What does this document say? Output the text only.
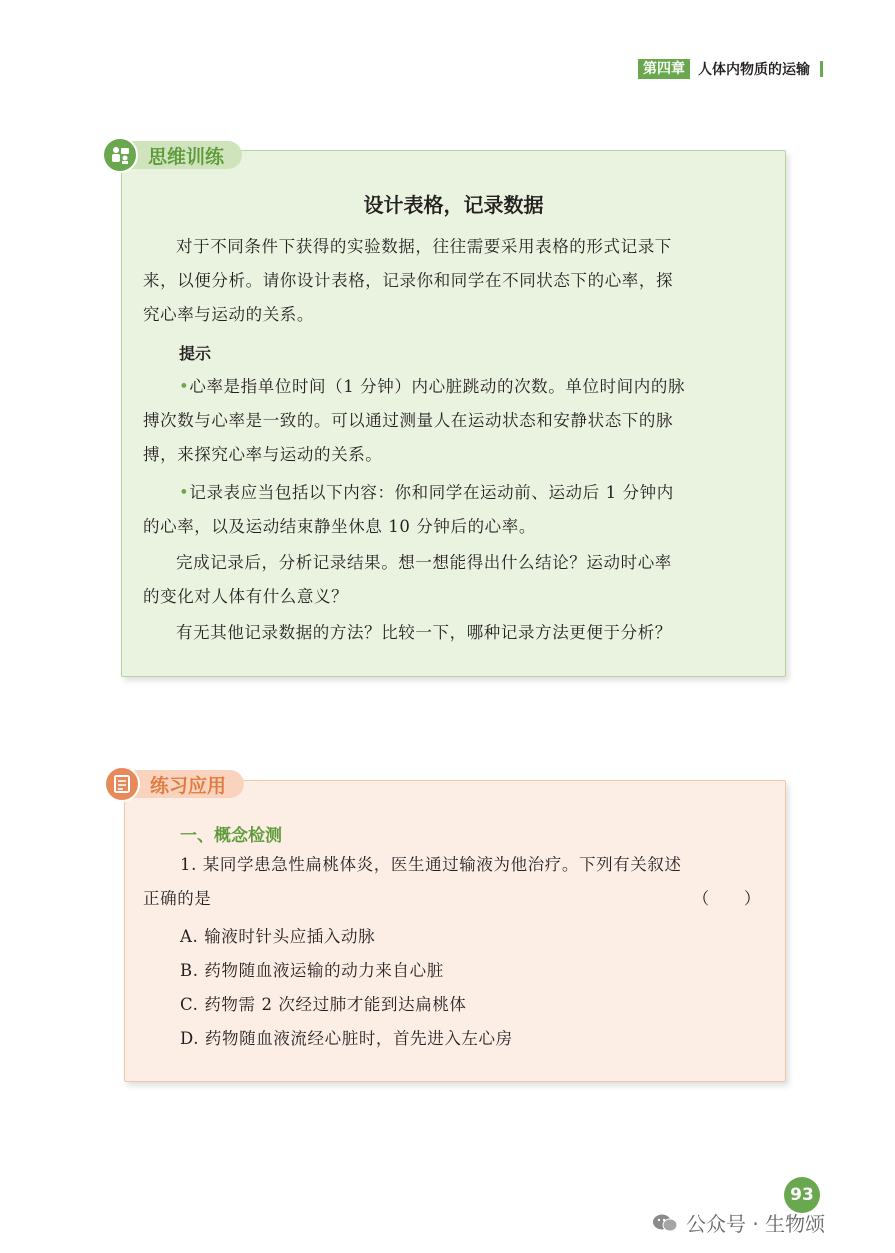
第四章 人体内物质的运输
设计表格，记录数据
对于不同条件下获得的实验数据，往往需要采用表格的形式记录下
来，以便分析。请你设计表格，记录你和同学在不同状态下的心率，探
究心率与运动的关系。
提示
•心率是指单位时间（1 分钟）内心脏跳动的次数。单位时间内的脉
搏次数与心率是一致的。可以通过测量人在运动状态和安静状态下的脉
搏，来探究心率与运动的关系。
•记录表应当包括以下内容：你和同学在运动前、运动后 1 分钟内
的心率，以及运动结束静坐休息 10 分钟后的心率。
完成记录后，分析记录结果。想一想能得出什么结论？运动时心率
的变化对人体有什么意义？
有无其他记录数据的方法？比较一下，哪种记录方法更便于分析？
思维训练
一、概念检测
1. 某同学患急性扁桃体炎，医生通过输液为他治疗。下列有关叙述
正确的是	（　　）
A. 输液时针头应插入动脉
B. 药物随血液运输的动力来自心脏
C. 药物需 2 次经过肺才能到达扁桃体
D. 药物随血液流经心脏时，首先进入左心房
练习应用
93
公众号 · 生物颂
